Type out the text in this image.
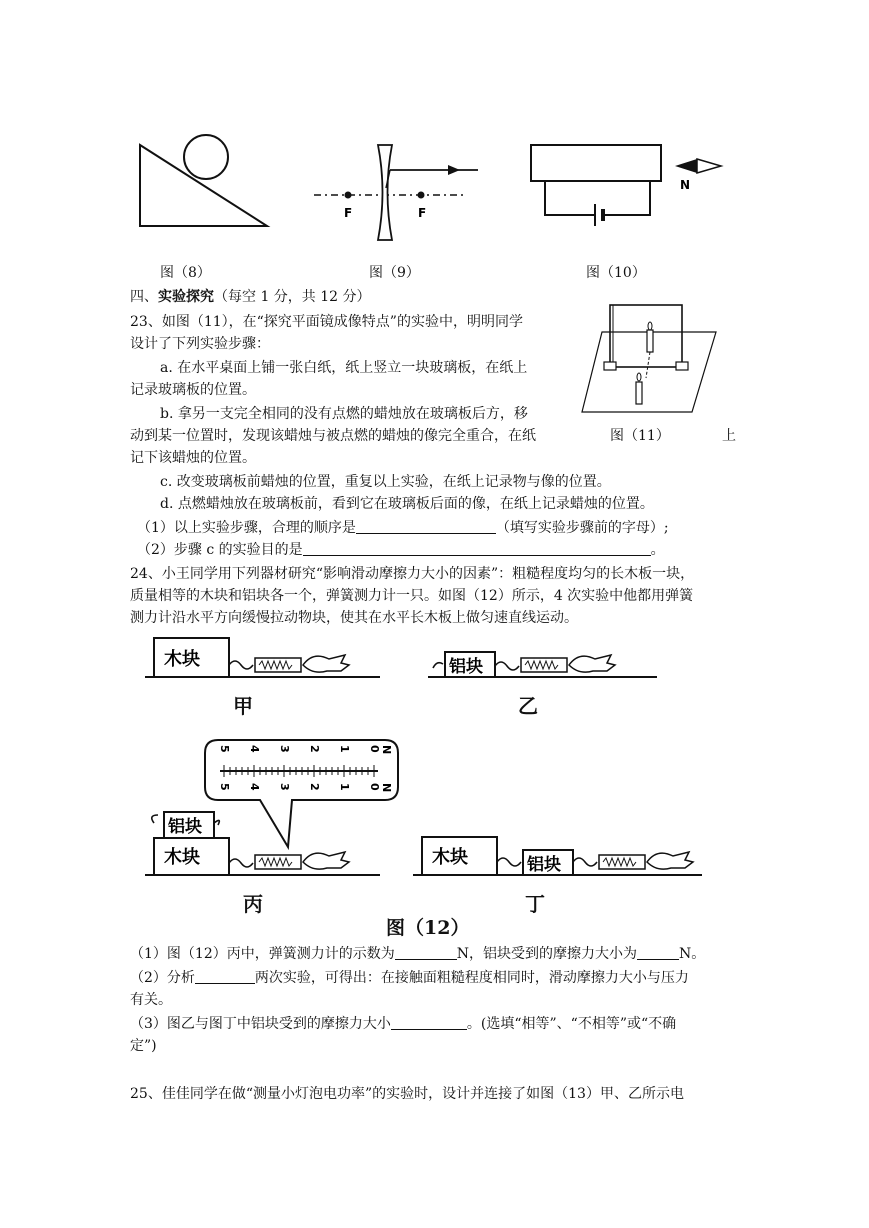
F	F
N
图（8）	图（9）	图（10）
四、实验探究（每空 1 分，共 12 分）
23、如图（11），在“探究平面镜成像特点”的实验中，明明同学
设计了下列实验步骤：
a. 在水平桌面上铺一张白纸，纸上竖立一块玻璃板，在纸上
记录玻璃板的位置。
b. 拿另一支完全相同的没有点燃的蜡烛放在玻璃板后方，移
动到某一位置时，发现该蜡烛与被点燃的蜡烛的像完全重合，在纸	图（11）	上
记下该蜡烛的位置。
c. 改变玻璃板前蜡烛的位置，重复以上实验，在纸上记录物与像的位置。
d. 点燃蜡烛放在玻璃板前，看到它在玻璃板后面的像，在纸上记录蜡烛的位置。
（1）以上实验步骤，合理的顺序是	（填写实验步骤前的字母）;
（2）步骤 c 的实验目的是	。
24、小王同学用下列器材研究“影响滑动摩擦力大小的因素”：粗糙程度均匀的长木板一块，
质量相等的木块和铝块各一个，弹簧测力计一只。如图（12）所示，4 次实验中他都用弹簧
测力计沿水平方向缓慢拉动物块，使其在水平长木板上做匀速直线运动。
木块
甲
铝块
乙
5 4 3 2 1 0 N
5 4 3 2 1 0 N
铝块
木块
丙
木块	铝块
丁
图（12）
（1）图（12）丙中，弹簧测力计的示数为	N，铝块受到的摩擦力大小为	N。
（2）分析	两次实验，可得出：在接触面粗糙程度相同时，滑动摩擦力大小与压力
有关。
（3）图乙与图丁中铝块受到的摩擦力大小	。(选填“相等”、“不相等”或“不确
定”)
25、佳佳同学在做“测量小灯泡电功率”的实验时，设计并连接了如图（13）甲、乙所示电
